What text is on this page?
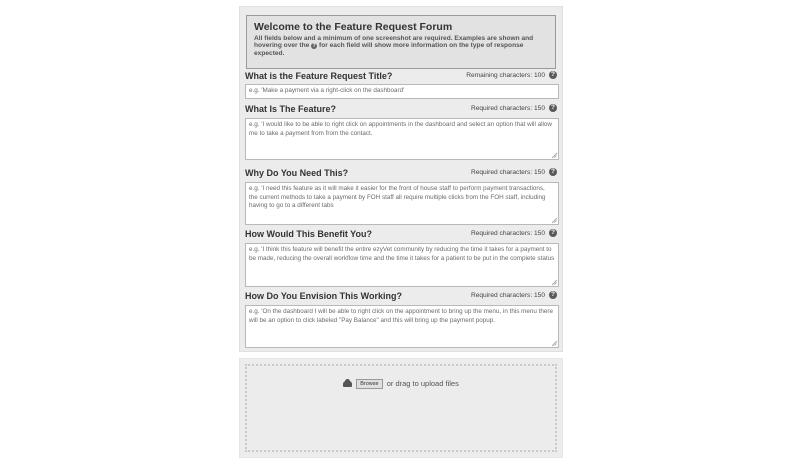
Welcome to the Feature Request Forum

All fields below and a minimum of one screenshot are required. Examples are shown and hovering over the ? for each field will show more information on the type of response expected.

What is the Feature Request Title?	Remaining characters: 100 ?
e.g. 'Make a payment via a right-click on the dashboard'
What Is The Feature?	Required characters: 150 ?
e.g. 'I would like to be able to right click on appointments in the dashboard and select an option that will allow me to take a payment from from the contact.
Why Do You Need This?	Required characters: 150 ?
e.g. 'I need this feature as it will make it easier for the front of house staff to perform payment transactions, the current methods to take a payment by FOH staff all require multiple clicks from the FOH staff, including having to go to a different tabs
How Would This Benefit You?	Required characters: 150 ?
e.g. 'I think this feature will benefit the entire ezyVet community by reducing the time it takes for a payment to be made, reducing the overall workflow time and the time it takes for a patient to be put in the complete status
How Do You Envision This Working?	Required characters: 150 ?
e.g. 'On the dashboard I will be able to right click on the appointment to bring up the menu, in this menu there will be an option to click labeled "Pay Balance" and this will bring up the payment popup.
Browse or drag to upload files
